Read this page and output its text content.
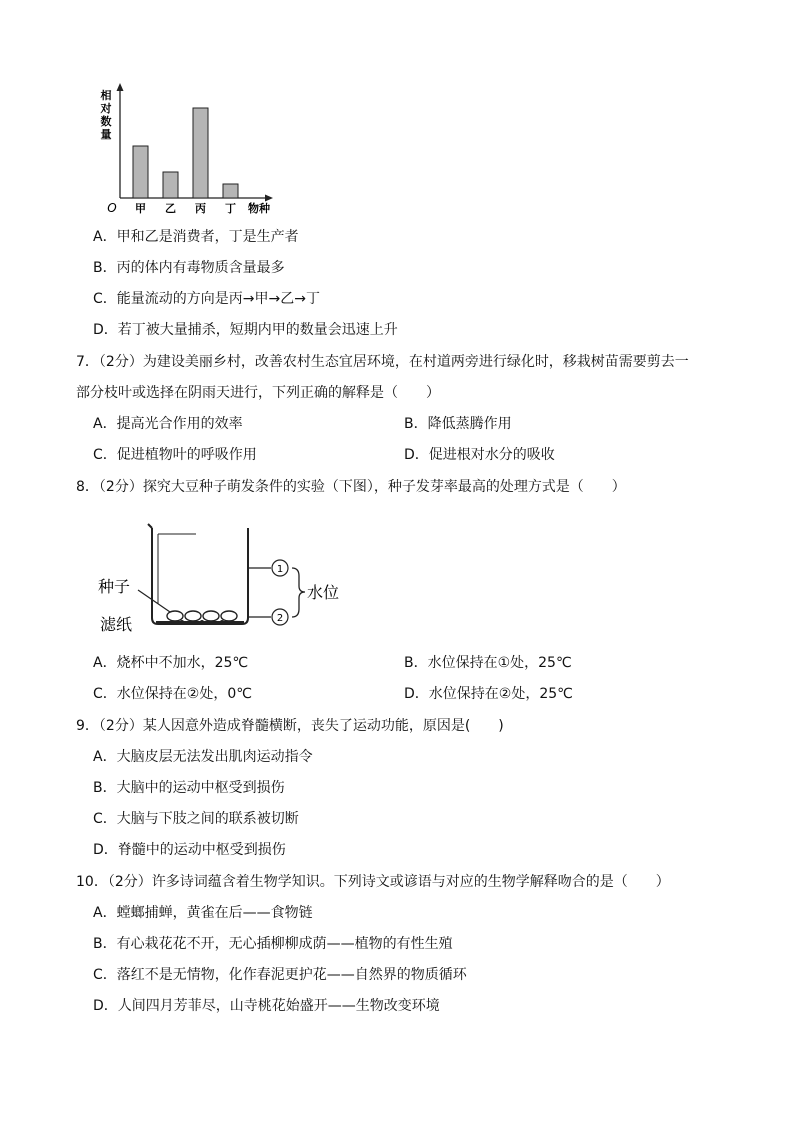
相
对
数
量
O	物种
甲 乙 丙 丁
A．甲和乙是消费者，丁是生产者
B．丙的体内有毒物质含量最多
C．能量流动的方向是丙→甲→乙→丁
D．若丁被大量捕杀，短期内甲的数量会迅速上升
7．（2分）为建设美丽乡村，改善农村生态宜居环境，在村道两旁进行绿化时，移栽树苗需要剪去一
部分枝叶或选择在阴雨天进行，下列正确的解释是（　　）
A．提高光合作用的效率	B．降低蒸腾作用
C．促进植物叶的呼吸作用	D．促进根对水分的吸收
8．（2分）探究大豆种子萌发条件的实验（下图），种子发芽率最高的处理方式是（　　）
1
2
水位
种子
滤纸
A．烧杯中不加水，25℃	B．水位保持在①处，25℃
C．水位保持在②处，0℃	D．水位保持在②处，25℃
9．（2分）某人因意外造成脊髓横断，丧失了运动功能，原因是(　　)
A．大脑皮层无法发出肌肉运动指令
B．大脑中的运动中枢受到损伤
C．大脑与下肢之间的联系被切断
D．脊髓中的运动中枢受到损伤
10．（2分）许多诗词蕴含着生物学知识。下列诗文或谚语与对应的生物学解释吻合的是（　　）
A．螳螂捕蝉，黄雀在后——食物链
B．有心栽花花不开，无心插柳柳成荫——植物的有性生殖
C．落红不是无情物，化作春泥更护花——自然界的物质循环
D．人间四月芳菲尽，山寺桃花始盛开——生物改变环境
